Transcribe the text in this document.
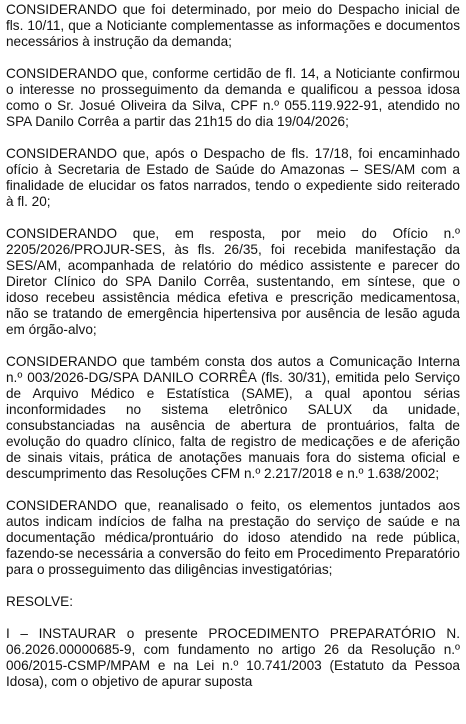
CONSIDERANDO que foi determinado, por meio do Despacho inicial de fls. 10/11, que a Noticiante complementasse as informações e documentos necessários à instrução da demanda;

CONSIDERANDO que, conforme certidão de fl. 14, a Noticiante confirmou o interesse no prosseguimento da demanda e qualificou a pessoa idosa como o Sr. Josué Oliveira da Silva, CPF n.º 055.119.922-91, atendido no SPA Danilo Corrêa a partir das 21h15 do dia 19/04/2026;

CONSIDERANDO que, após o Despacho de fls. 17/18, foi encaminhado ofício à Secretaria de Estado de Saúde do Amazonas – SES/AM com a finalidade de elucidar os fatos narrados, tendo o expediente sido reiterado à fl. 20;

CONSIDERANDO que, em resposta, por meio do Ofício n.º 2205/2026/PROJUR-SES, às fls. 26/35, foi recebida manifestação da SES/AM, acompanhada de relatório do médico assistente e parecer do Diretor Clínico do SPA Danilo Corrêa, sustentando, em síntese, que o idoso recebeu assistência médica efetiva e prescrição medicamentosa, não se tratando de emergência hipertensiva por ausência de lesão aguda em órgão-alvo;

CONSIDERANDO que também consta dos autos a Comunicação Interna n.º 003/2026-DG/SPA DANILO CORRÊA (fls. 30/31), emitida pelo Serviço de Arquivo Médico e Estatística (SAME), a qual apontou sérias inconformidades no sistema eletrônico SALUX da unidade, consubstanciadas na ausência de abertura de prontuários, falta de evolução do quadro clínico, falta de registro de medicações e de aferição de sinais vitais, prática de anotações manuais fora do sistema oficial e descumprimento das Resoluções CFM n.º 2.217/2018 e n.º 1.638/2002;

CONSIDERANDO que, reanalisado o feito, os elementos juntados aos autos indicam indícios de falha na prestação do serviço de saúde e na documentação médica/prontuário do idoso atendido na rede pública, fazendo-se necessária a conversão do feito em Procedimento Preparatório para o prosseguimento das diligências investigatórias;

RESOLVE:

I – INSTAURAR o presente PROCEDIMENTO PREPARATÓRIO N. 06.2026.00000685-9, com fundamento no artigo 26 da Resolução n.º 006/2015-CSMP/MPAM e na Lei n.º 10.741/2003 (Estatuto da Pessoa Idosa), com o objetivo de apurar suposta
